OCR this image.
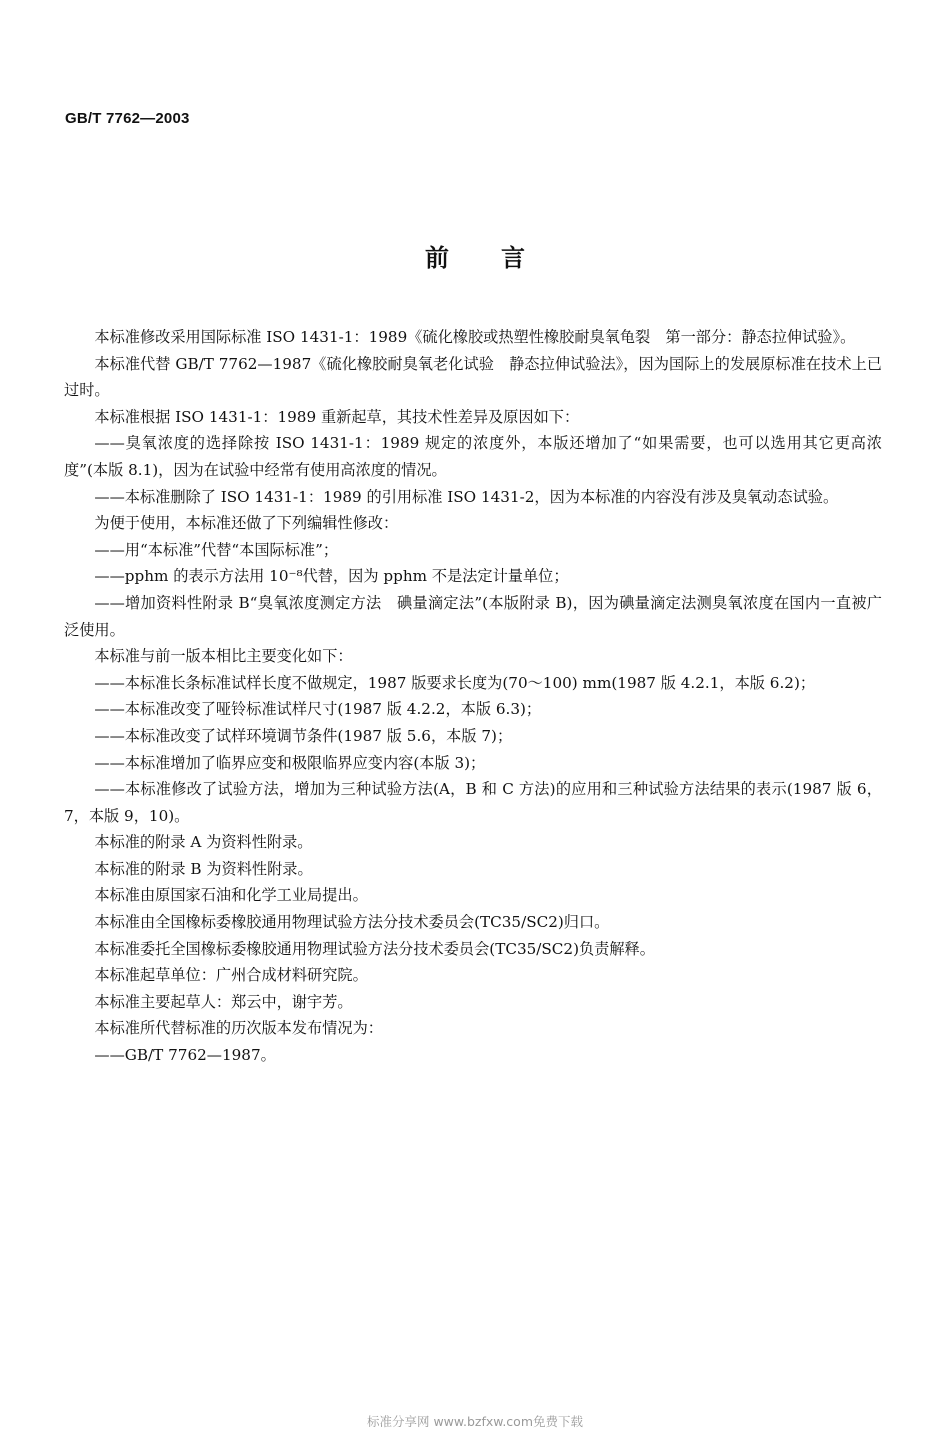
GB/T 7762—2003
前 言

本标准修改采用国际标准 ISO 1431-1：1989《硫化橡胶或热塑性橡胶耐臭氧龟裂　第一部分：静态拉伸试验》。

本标准代替 GB/T 7762—1987《硫化橡胶耐臭氧老化试验　静态拉伸试验法》，因为国际上的发展原标准在技术上已过时。

本标准根据 ISO 1431-1：1989 重新起草，其技术性差异及原因如下：

——臭氧浓度的选择除按 ISO 1431-1：1989 规定的浓度外，本版还增加了“如果需要，也可以选用其它更高浓度”(本版 8.1)，因为在试验中经常有使用高浓度的情况。

——本标准删除了 ISO 1431-1：1989 的引用标准 ISO 1431-2，因为本标准的内容没有涉及臭氧动态试验。

为便于使用，本标准还做了下列编辑性修改：

——用“本标准”代替“本国际标准”；

——pphm 的表示方法用 10⁻⁸代替，因为 pphm 不是法定计量单位；

——增加资料性附录 B“臭氧浓度测定方法　碘量滴定法”(本版附录 B)，因为碘量滴定法测臭氧浓度在国内一直被广泛使用。

本标准与前一版本相比主要变化如下：

——本标准长条标准试样长度不做规定，1987 版要求长度为(70～100) mm(1987 版 4.2.1，本版 6.2)；

——本标准改变了哑铃标准试样尺寸(1987 版 4.2.2，本版 6.3)；

——本标准改变了试样环境调节条件(1987 版 5.6，本版 7)；

——本标准增加了临界应变和极限临界应变内容(本版 3)；

——本标准修改了试验方法，增加为三种试验方法(A，B 和 C 方法)的应用和三种试验方法结果的表示(1987 版 6，7，本版 9，10)。

本标准的附录 A 为资料性附录。

本标准的附录 B 为资料性附录。

本标准由原国家石油和化学工业局提出。

本标准由全国橡标委橡胶通用物理试验方法分技术委员会(TC35/SC2)归口。

本标准委托全国橡标委橡胶通用物理试验方法分技术委员会(TC35/SC2)负责解释。

本标准起草单位：广州合成材料研究院。

本标准主要起草人：郑云中，谢宇芳。

本标准所代替标准的历次版本发布情况为：

——GB/T 7762—1987。

标准分享网 www.bzfxw.com免费下载
